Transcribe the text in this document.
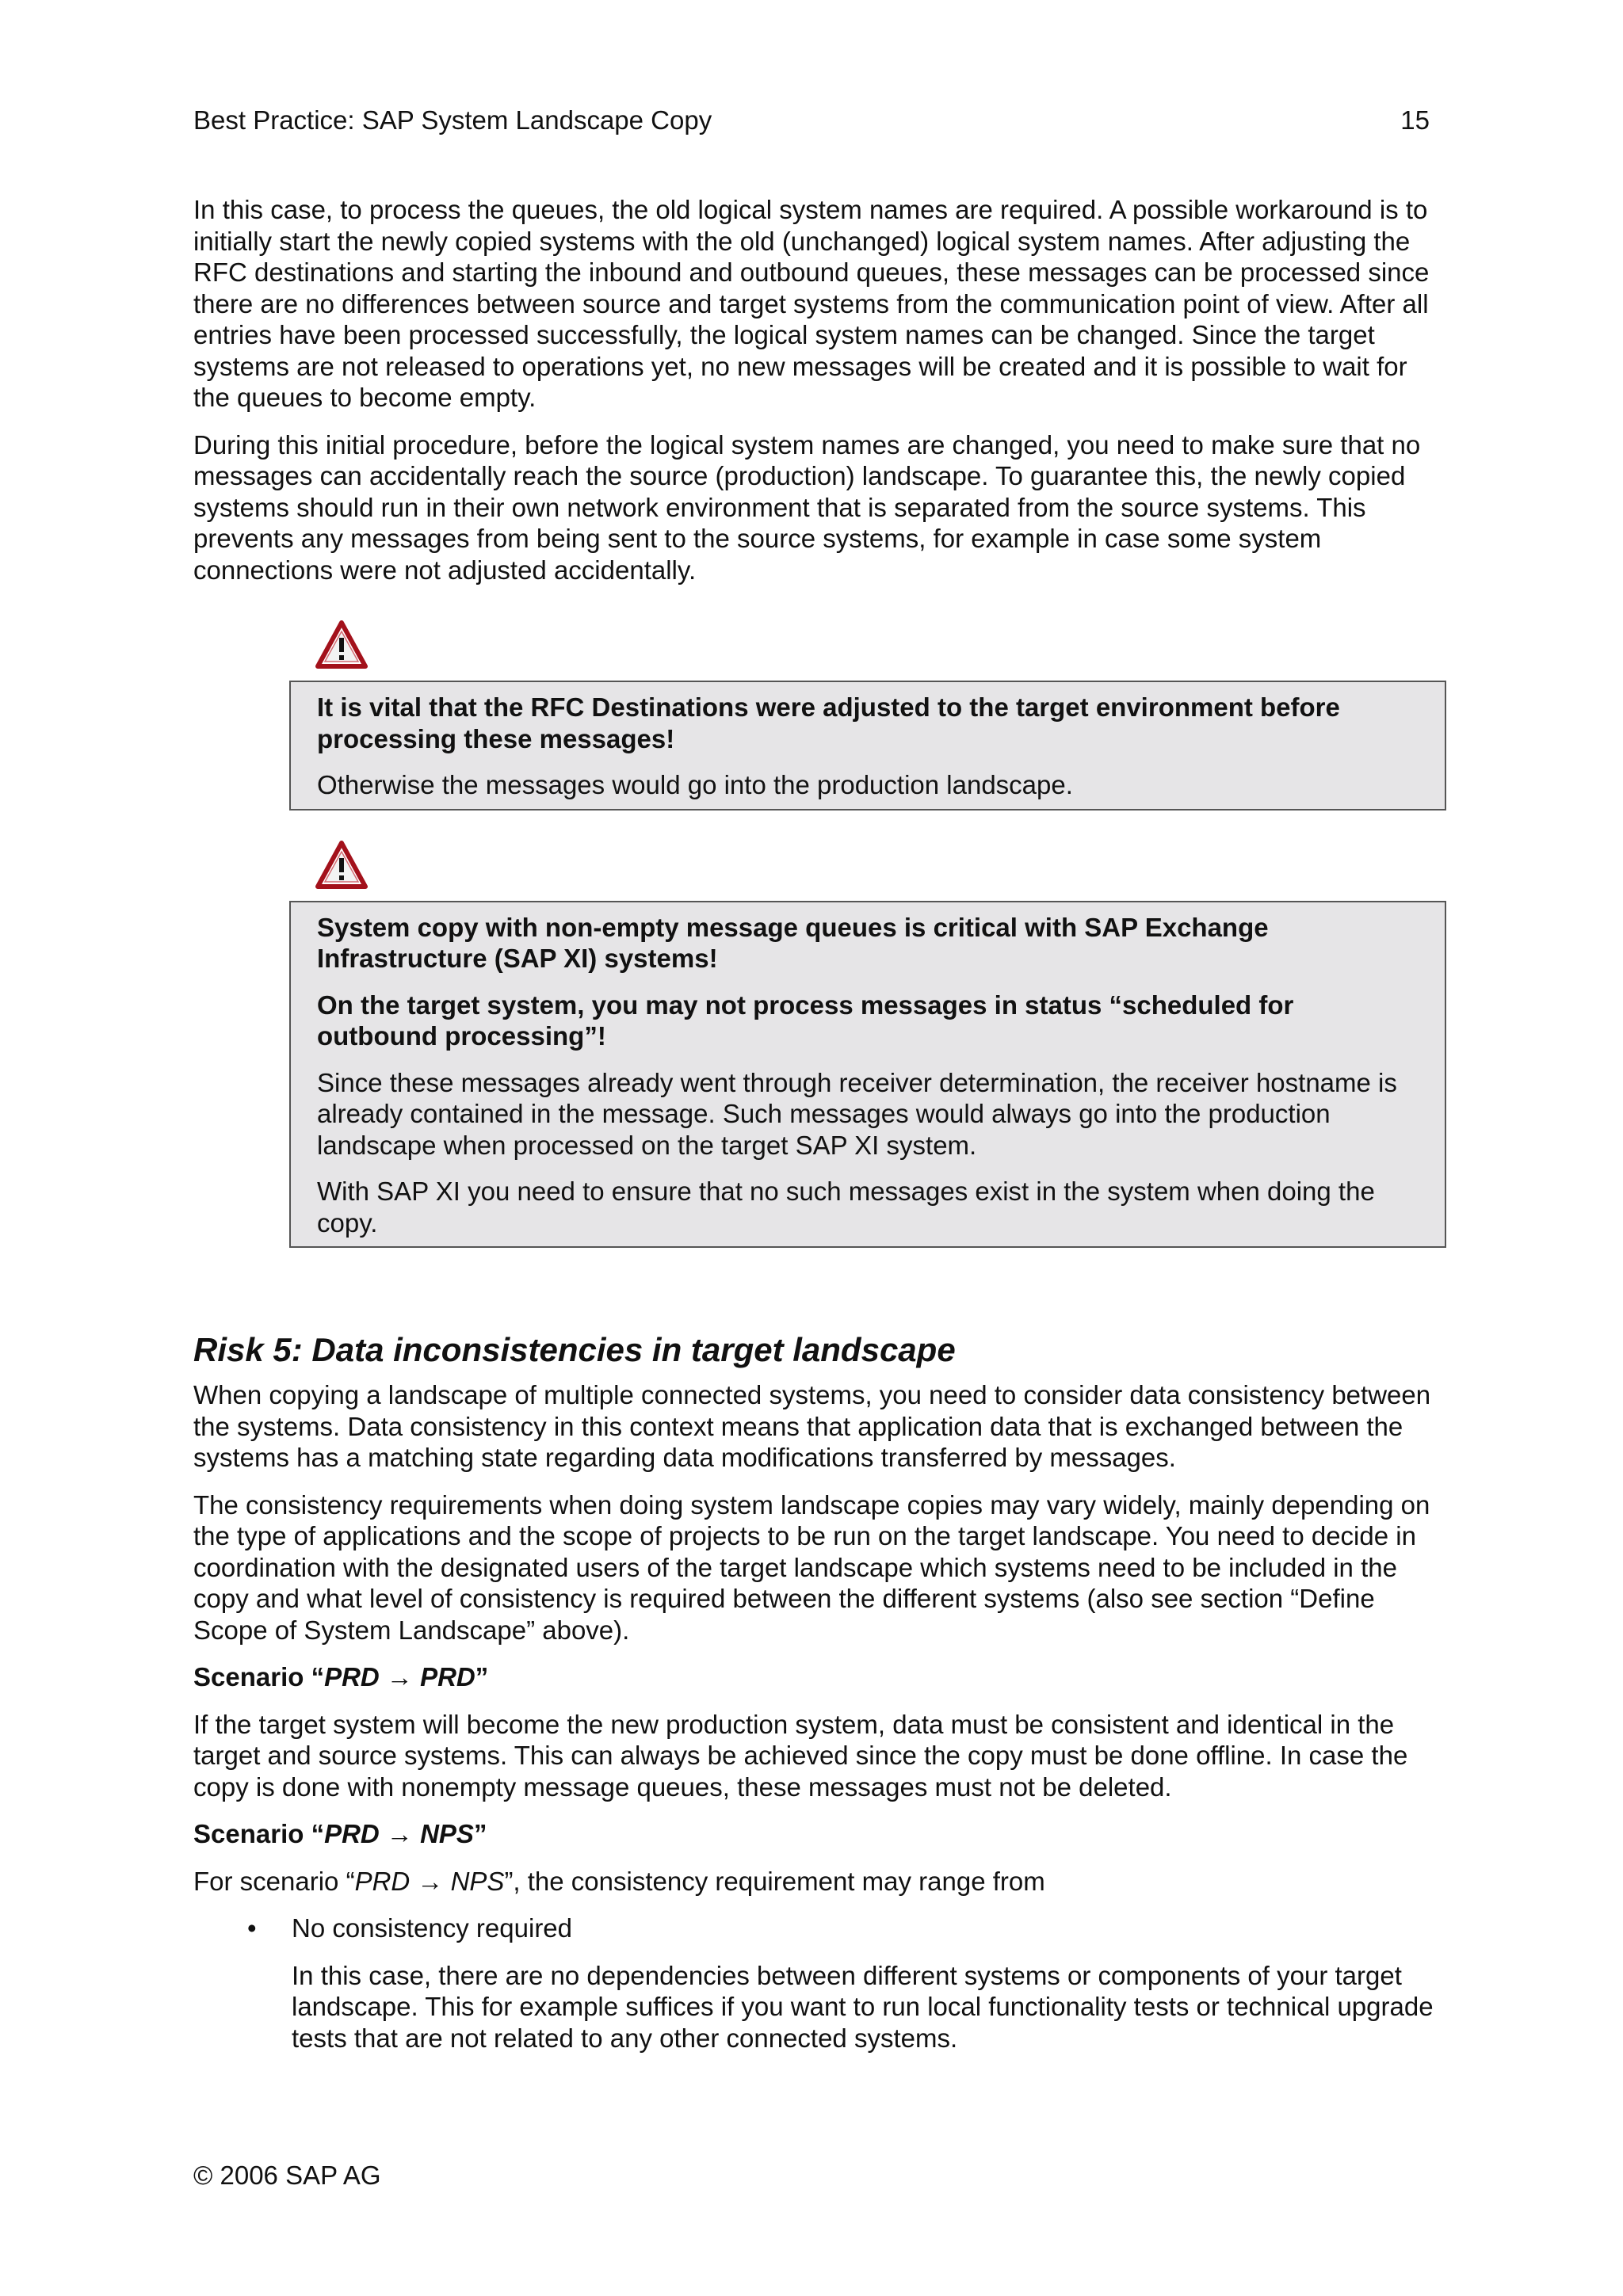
Best Practice: SAP System Landscape Copy	15

In this case, to process the queues, the old logical system names are required. A possible workaround is to initially start the newly copied systems with the old (unchanged) logical system names. After adjusting the RFC destinations and starting the inbound and outbound queues, these messages can be processed since there are no differences between source and target systems from the communication point of view. After all entries have been processed successfully, the logical system names can be changed. Since the target systems are not released to operations yet, no new messages will be created and it is possible to wait for the queues to become empty.

During this initial procedure, before the logical system names are changed, you need to make sure that no messages can accidentally reach the source (production) landscape. To guarantee this, the newly copied systems should run in their own network environment that is separated from the source systems. This prevents any messages from being sent to the source systems, for example in case some system connections were not adjusted accidentally.

It is vital that the RFC Destinations were adjusted to the target environment before processing these messages!

Otherwise the messages would go into the production landscape.

System copy with non-empty message queues is critical with SAP Exchange Infrastructure (SAP XI) systems!

On the target system, you may not process messages in status “scheduled for outbound processing”!

Since these messages already went through receiver determination, the receiver hostname is already contained in the message. Such messages would always go into the production landscape when processed on the target SAP XI system.

With SAP XI you need to ensure that no such messages exist in the system when doing the copy.

Risk 5: Data inconsistencies in target landscape

When copying a landscape of multiple connected systems, you need to consider data consistency between the systems. Data consistency in this context means that application data that is exchanged between the systems has a matching state regarding data modifications transferred by messages.

The consistency requirements when doing system landscape copies may vary widely, mainly depending on the type of applications and the scope of projects to be run on the target landscape. You need to decide in coordination with the designated users of the target landscape which systems need to be included in the copy and what level of consistency is required between the different systems (also see section “Define Scope of System Landscape” above).

Scenario “PRD → PRD”

If the target system will become the new production system, data must be consistent and identical in the target and source systems. This can always be achieved since the copy must be done offline. In case the copy is done with nonempty message queues, these messages must not be deleted.

Scenario “PRD → NPS”

For scenario “PRD → NPS”, the consistency requirement may range from

• No consistency required

In this case, there are no dependencies between different systems or components of your target landscape. This for example suffices if you want to run local functionality tests or technical upgrade tests that are not related to any other connected systems.

© 2006 SAP AG
